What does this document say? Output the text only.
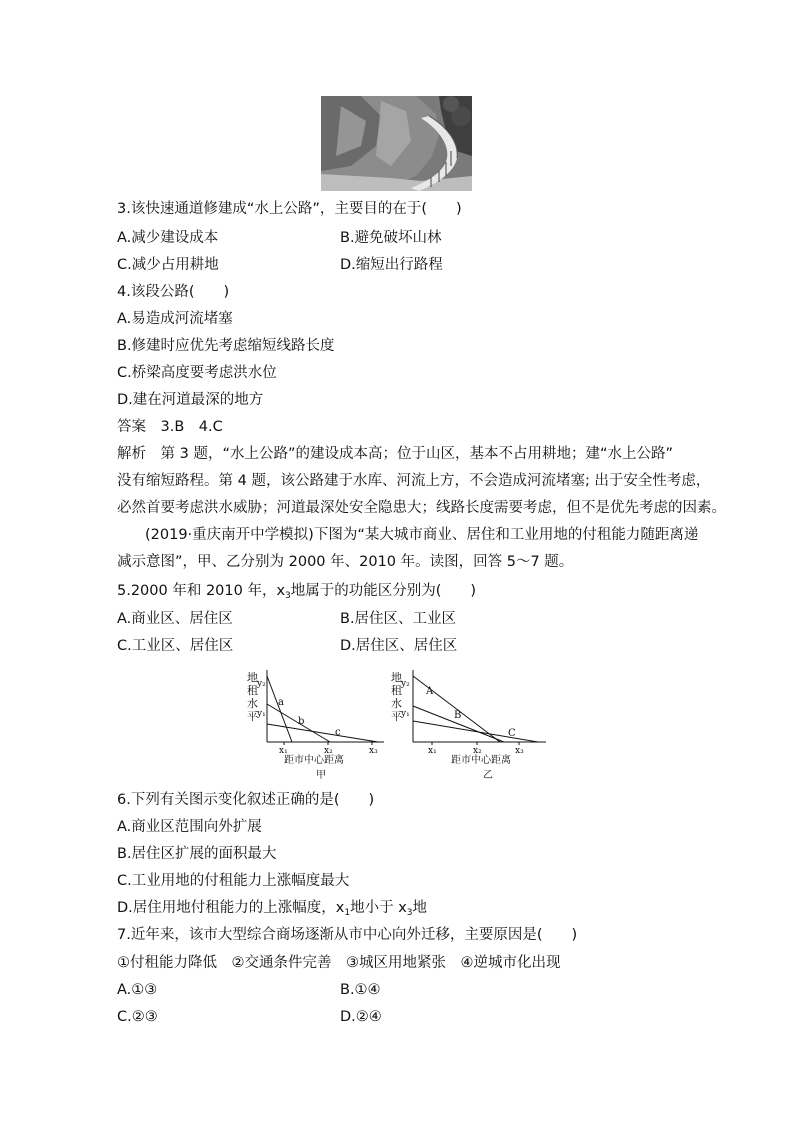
3.该快速通道修建成“水上公路”，主要目的在于(　　)
A.减少建设成本	B.避免破坏山林
C.减少占用耕地	D.缩短出行路程
4.该段公路(　　)
A.易造成河流堵塞
B.修建时应优先考虑缩短线路长度
C.桥梁高度要考虑洪水位
D.建在河道最深的地方
答案　3.B　4.C
解析　第 3 题，“水上公路”的建设成本高；位于山区，基本不占用耕地；建“水上公路”
没有缩短路程。第 4 题，该公路建于水库、河流上方，不会造成河流堵塞; 出于安全性考虑，
必然首要考虑洪水威胁；河道最深处安全隐患大；线路长度需要考虑，但不是优先考虑的因素。
(2019·重庆南开中学模拟)下图为“某大城市商业、居住和工业用地的付租能力随距离递
减示意图”，甲、乙分别为 2000 年、2010 年。读图，回答 5～7 题。
5.2000 年和 2010 年，$x_3$地属于的功能区分别为(　　)
A.商业区、居住区	B.居住区、工业区
C.工业区、居住区	D.居住区、居住区
地
租
水
平
y₂
y₁
x₁	x₂	x₃
距市中心距离
甲
a
b
c
地
租
水
平
y₂
y₁
x₁	x₂	x₃
距市中心距离
乙
A
B
C
6.下列有关图示变化叙述正确的是(　　)
A.商业区范围向外扩展
B.居住区扩展的面积最大
C.工业用地的付租能力上涨幅度最大
D.居住用地付租能力的上涨幅度，$x_1$地小于 $x_3$地
7.近年来，该市大型综合商场逐渐从市中心向外迁移，主要原因是(　　)
①付租能力降低　②交通条件完善　③城区用地紧张　④逆城市化出现
A.①③	B.①④
C.②③	D.②④
